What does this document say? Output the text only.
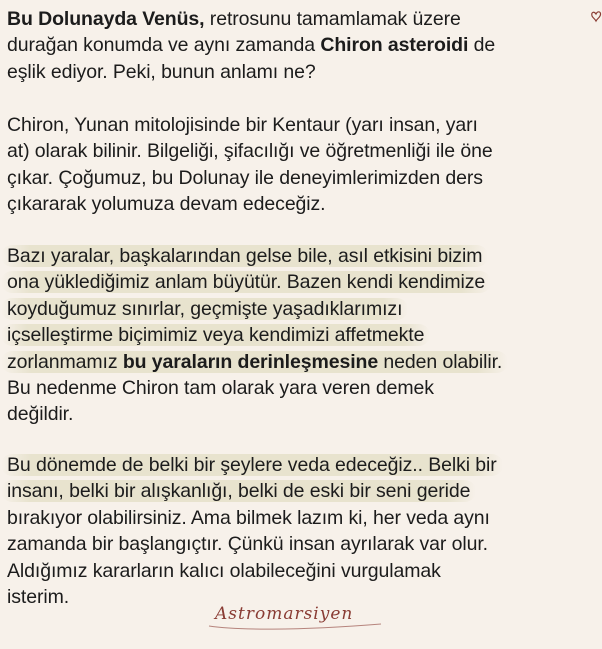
Bu Dolunayda Venüs, retrosunu tamamlamak üzere
durağan konumda ve aynı zamanda Chiron asteroidi de
eşlik ediyor. Peki, bunun anlamı ne?

Chiron, Yunan mitolojisinde bir Kentaur (yarı insan, yarı
at) olarak bilinir. Bilgeliği, şifacılığı ve öğretmenliği ile öne
çıkar. Çoğumuz, bu Dolunay ile deneyimlerimizden ders
çıkararak yolumuza devam edeceğiz.

Bazı yaralar, başkalarından gelse bile, asıl etkisini bizim
ona yüklediğimiz anlam büyütür. Bazen kendi kendimize
koyduğumuz sınırlar, geçmişte yaşadıklarımızı
içselleştirme biçimimiz veya kendimizi affetmekte
zorlanmamız bu yaraların derinleşmesine neden olabilir.
Bu nedenme Chiron tam olarak yara veren demek
değildir.

Bu dönemde de belki bir şeylere veda edeceğiz.. Belki bir
insanı, belki bir alışkanlığı, belki de eski bir seni geride
bırakıyor olabilirsiniz. Ama bilmek lazım ki, her veda aynı
zamanda bir başlangıçtır. Çünkü insan ayrılarak var olur.
Aldığımız kararların kalıcı olabileceğini vurgulamak
isterim.

Astromarsiyen
